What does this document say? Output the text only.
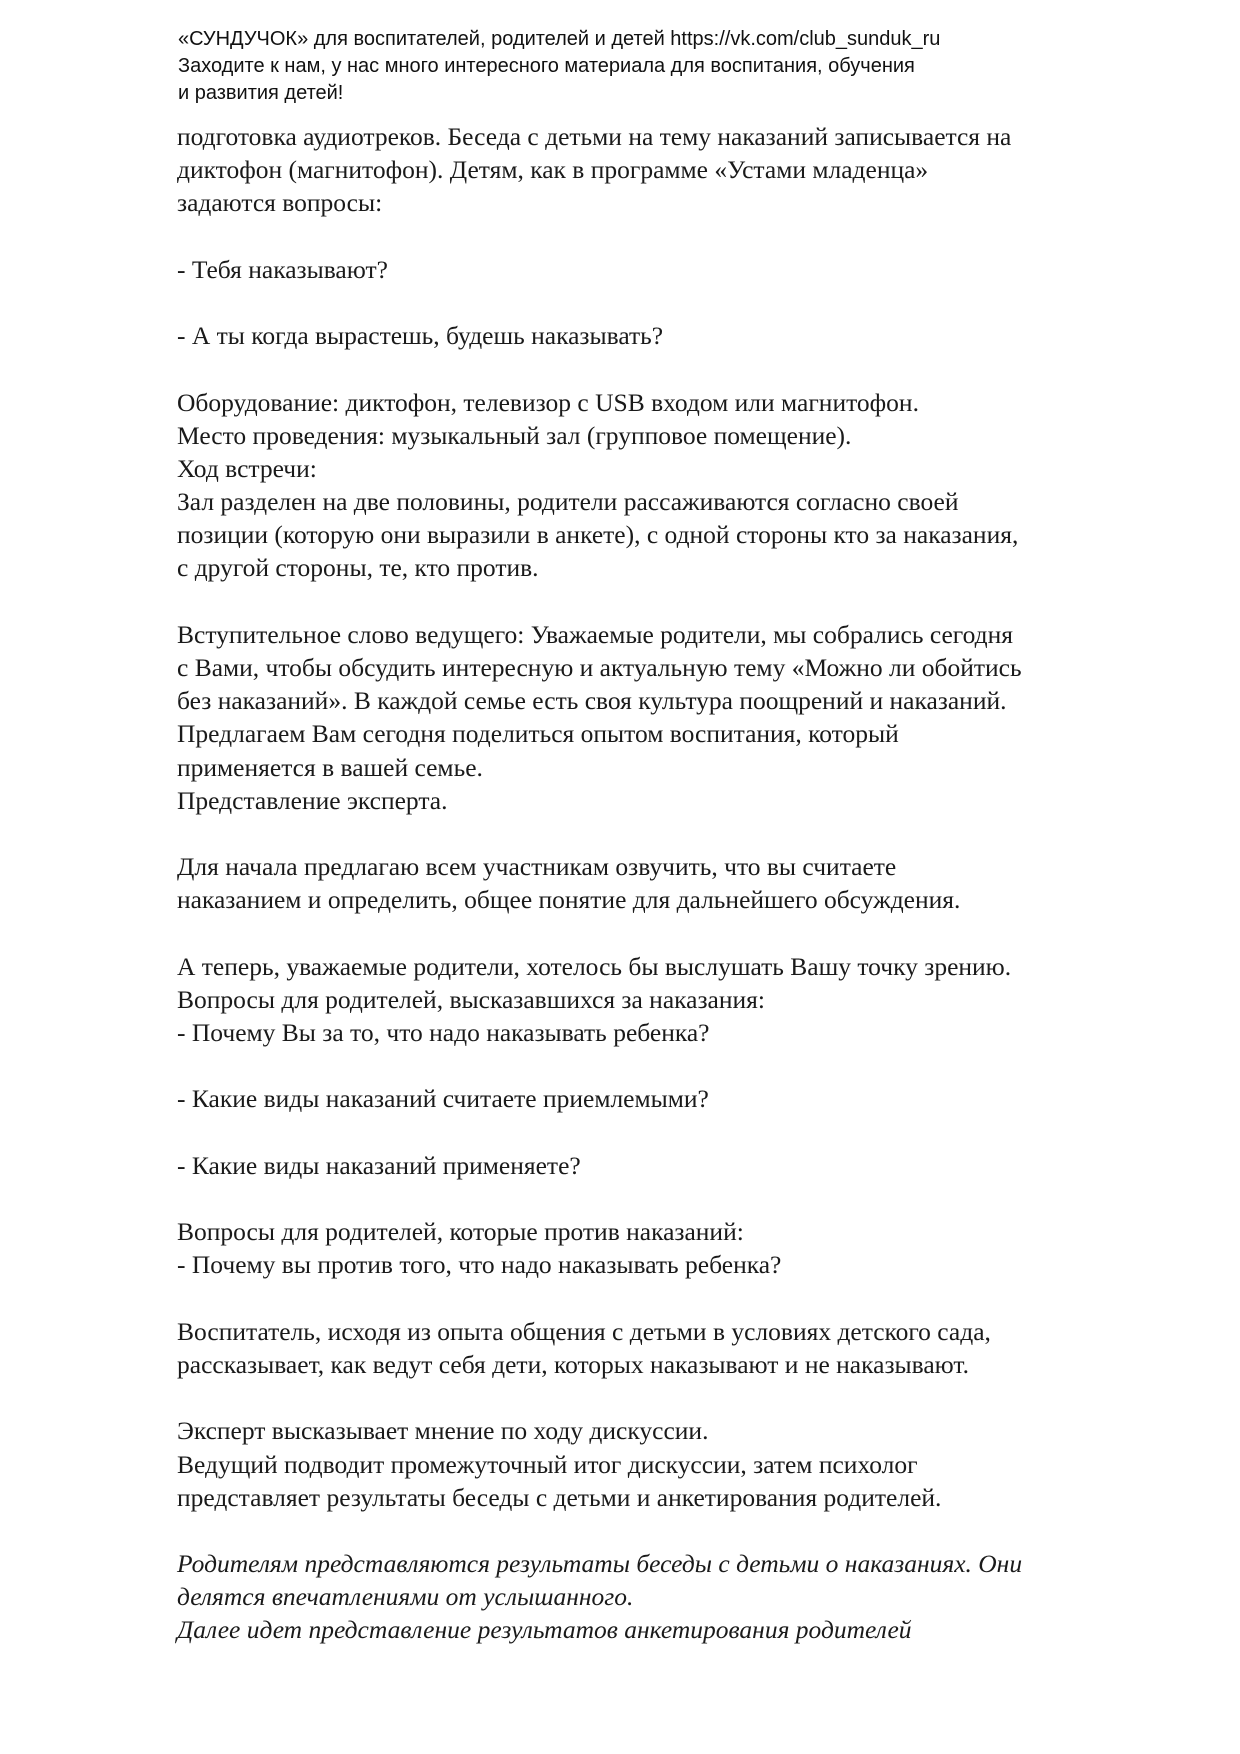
«СУНДУЧОК» для воспитателей, родителей и детей https://vk.com/club_sunduk_ru
Заходите к нам, у нас много интересного материала для воспитания, обучения
и развития детей!
подготовка аудиотреков. Беседа с детьми на тему наказаний записывается на
диктофон (магнитофон). Детям, как в программе «Устами младенца»
задаются вопросы:
- Тебя наказывают?
- А ты когда вырастешь, будешь наказывать?
Оборудование: диктофон, телевизор с USB входом или магнитофон.
Место проведения: музыкальный зал (групповое помещение).
Ход встречи:
Зал разделен на две половины, родители рассаживаются согласно своей
позиции (которую они выразили в анкете), с одной стороны кто за наказания,
с другой стороны, те, кто против.
Вступительное слово ведущего: Уважаемые родители, мы собрались сегодня
с Вами, чтобы обсудить интересную и актуальную тему «Можно ли обойтись
без наказаний». В каждой семье есть своя культура поощрений и наказаний.
Предлагаем Вам сегодня поделиться опытом воспитания, который
применяется в вашей семье.
Представление эксперта.
Для начала предлагаю всем участникам озвучить, что вы считаете
наказанием и определить, общее понятие для дальнейшего обсуждения.
А теперь, уважаемые родители, хотелось бы выслушать Вашу точку зрению.
Вопросы для родителей, высказавшихся за наказания:
- Почему Вы за то, что надо наказывать ребенка?
- Какие виды наказаний считаете приемлемыми?
- Какие виды наказаний применяете?
Вопросы для родителей, которые против наказаний:
- Почему вы против того, что надо наказывать ребенка?
Воспитатель, исходя из опыта общения с детьми в условиях детского сада,
рассказывает, как ведут себя дети, которых наказывают и не наказывают.
Эксперт высказывает мнение по ходу дискуссии.
Ведущий подводит промежуточный итог дискуссии, затем психолог
представляет результаты беседы с детьми и анкетирования родителей.
Родителям представляются результаты беседы с детьми о наказаниях. Они
делятся впечатлениями от услышанного.
Далее идет представление результатов анкетирования родителей
